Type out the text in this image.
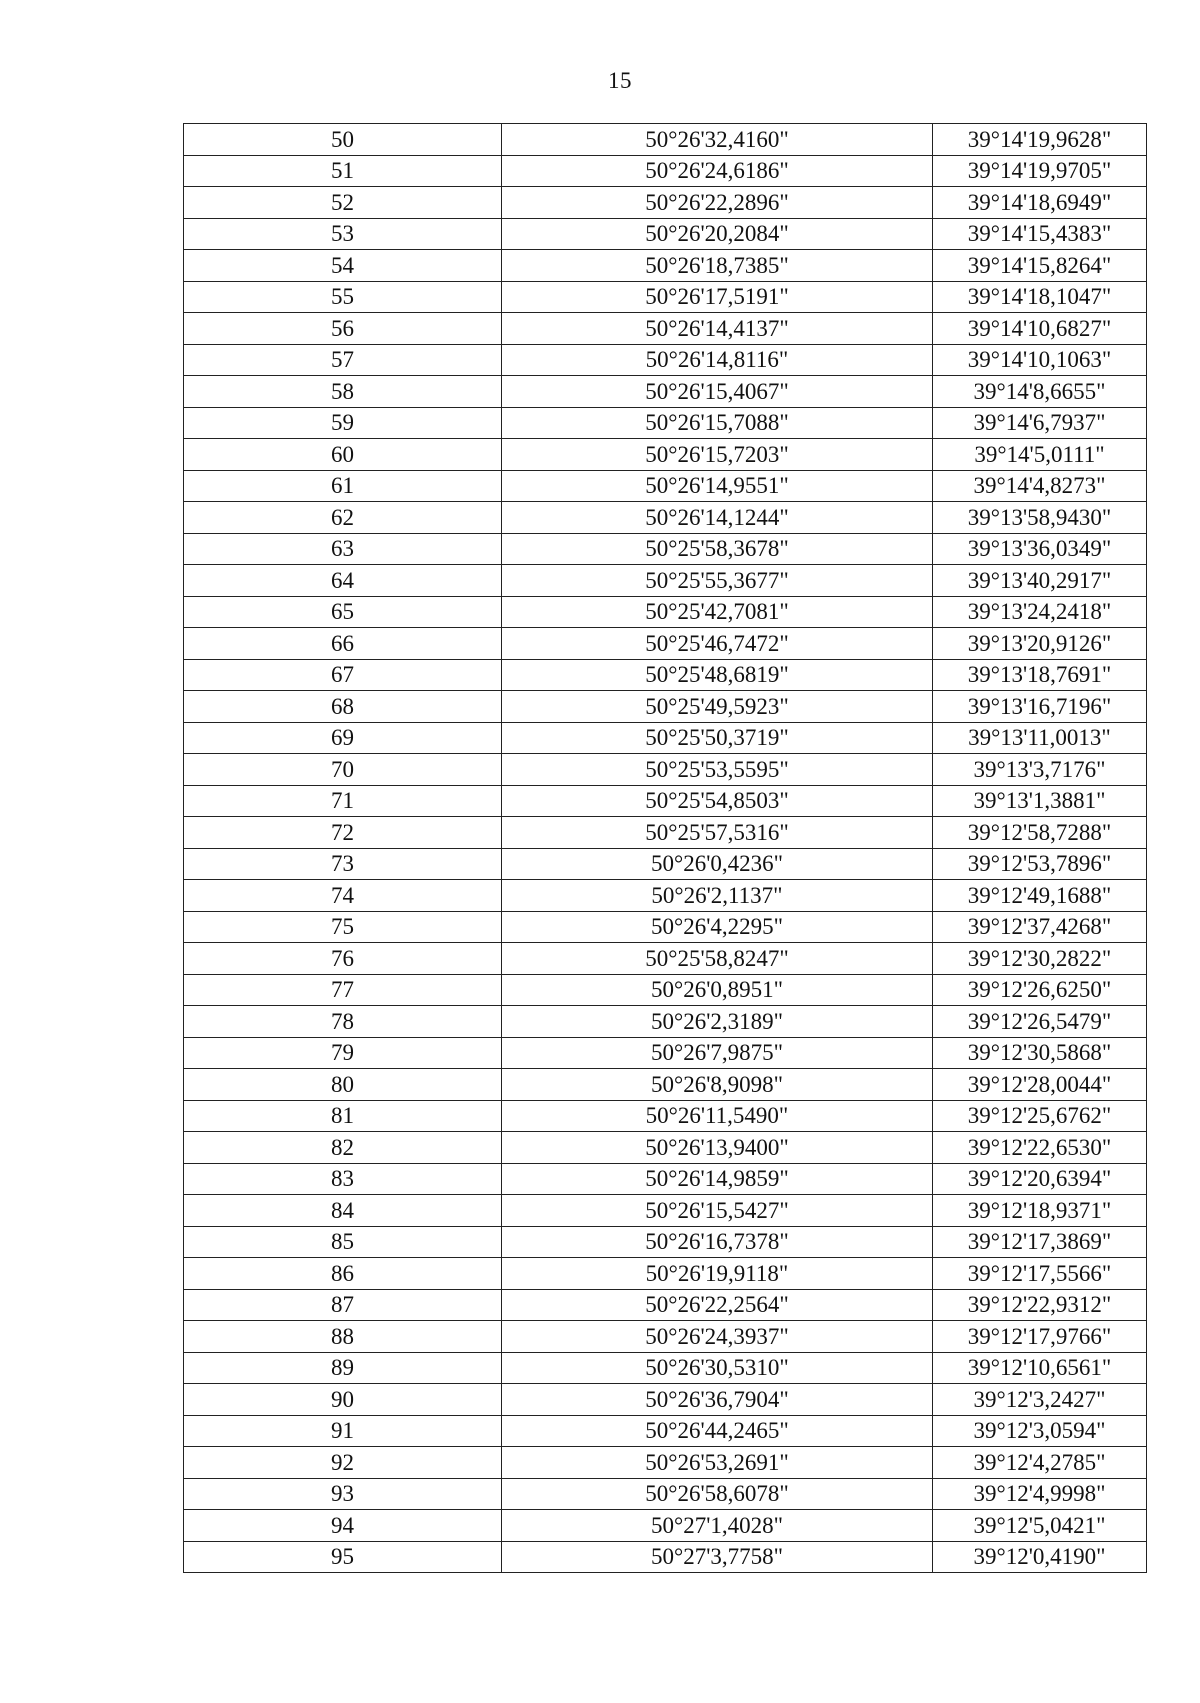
15
50	50°26'32,4160"	39°14'19,9628"
51	50°26'24,6186"	39°14'19,9705"
52	50°26'22,2896"	39°14'18,6949"
53	50°26'20,2084"	39°14'15,4383"
54	50°26'18,7385"	39°14'15,8264"
55	50°26'17,5191"	39°14'18,1047"
56	50°26'14,4137"	39°14'10,6827"
57	50°26'14,8116"	39°14'10,1063"
58	50°26'15,4067"	39°14'8,6655"
59	50°26'15,7088"	39°14'6,7937"
60	50°26'15,7203"	39°14'5,0111"
61	50°26'14,9551"	39°14'4,8273"
62	50°26'14,1244"	39°13'58,9430"
63	50°25'58,3678"	39°13'36,0349"
64	50°25'55,3677"	39°13'40,2917"
65	50°25'42,7081"	39°13'24,2418"
66	50°25'46,7472"	39°13'20,9126"
67	50°25'48,6819"	39°13'18,7691"
68	50°25'49,5923"	39°13'16,7196"
69	50°25'50,3719"	39°13'11,0013"
70	50°25'53,5595"	39°13'3,7176"
71	50°25'54,8503"	39°13'1,3881"
72	50°25'57,5316"	39°12'58,7288"
73	50°26'0,4236"	39°12'53,7896"
74	50°26'2,1137"	39°12'49,1688"
75	50°26'4,2295"	39°12'37,4268"
76	50°25'58,8247"	39°12'30,2822"
77	50°26'0,8951"	39°12'26,6250"
78	50°26'2,3189"	39°12'26,5479"
79	50°26'7,9875"	39°12'30,5868"
80	50°26'8,9098"	39°12'28,0044"
81	50°26'11,5490"	39°12'25,6762"
82	50°26'13,9400"	39°12'22,6530"
83	50°26'14,9859"	39°12'20,6394"
84	50°26'15,5427"	39°12'18,9371"
85	50°26'16,7378"	39°12'17,3869"
86	50°26'19,9118"	39°12'17,5566"
87	50°26'22,2564"	39°12'22,9312"
88	50°26'24,3937"	39°12'17,9766"
89	50°26'30,5310"	39°12'10,6561"
90	50°26'36,7904"	39°12'3,2427"
91	50°26'44,2465"	39°12'3,0594"
92	50°26'53,2691"	39°12'4,2785"
93	50°26'58,6078"	39°12'4,9998"
94	50°27'1,4028"	39°12'5,0421"
95	50°27'3,7758"	39°12'0,4190"
